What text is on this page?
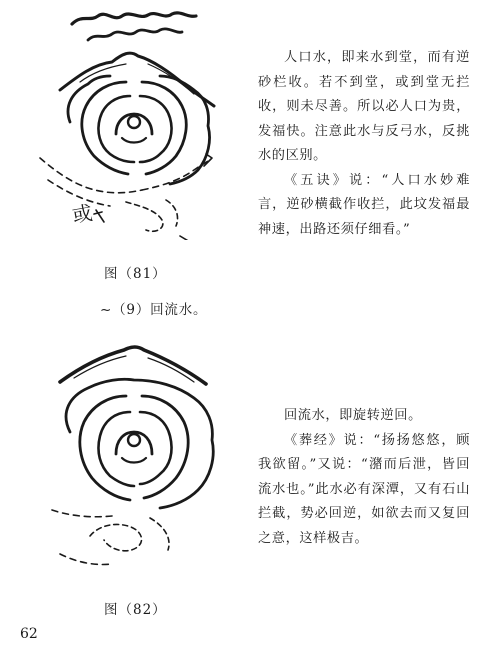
或

人口水，即来水到堂，而有逆砂栏收。若不到堂，或到堂无拦收，则未尽善。所以必人口为贵，发福快。注意此水与反弓水，反挑水的区别。

《五诀》说：“人口水妙难言，逆砂横截作收拦，此坟发福最神速，出路还须仔细看。”

图（81）
~（9）回流水。

回流水，即旋转逆回。

《葬经》说：“扬扬悠悠，顾我欲留。”又说：“潴而后泄，皆回流水也。”此水必有深潭，又有石山拦截，势必回逆，如欲去而又复回之意，这样极吉。

图（82）
62
